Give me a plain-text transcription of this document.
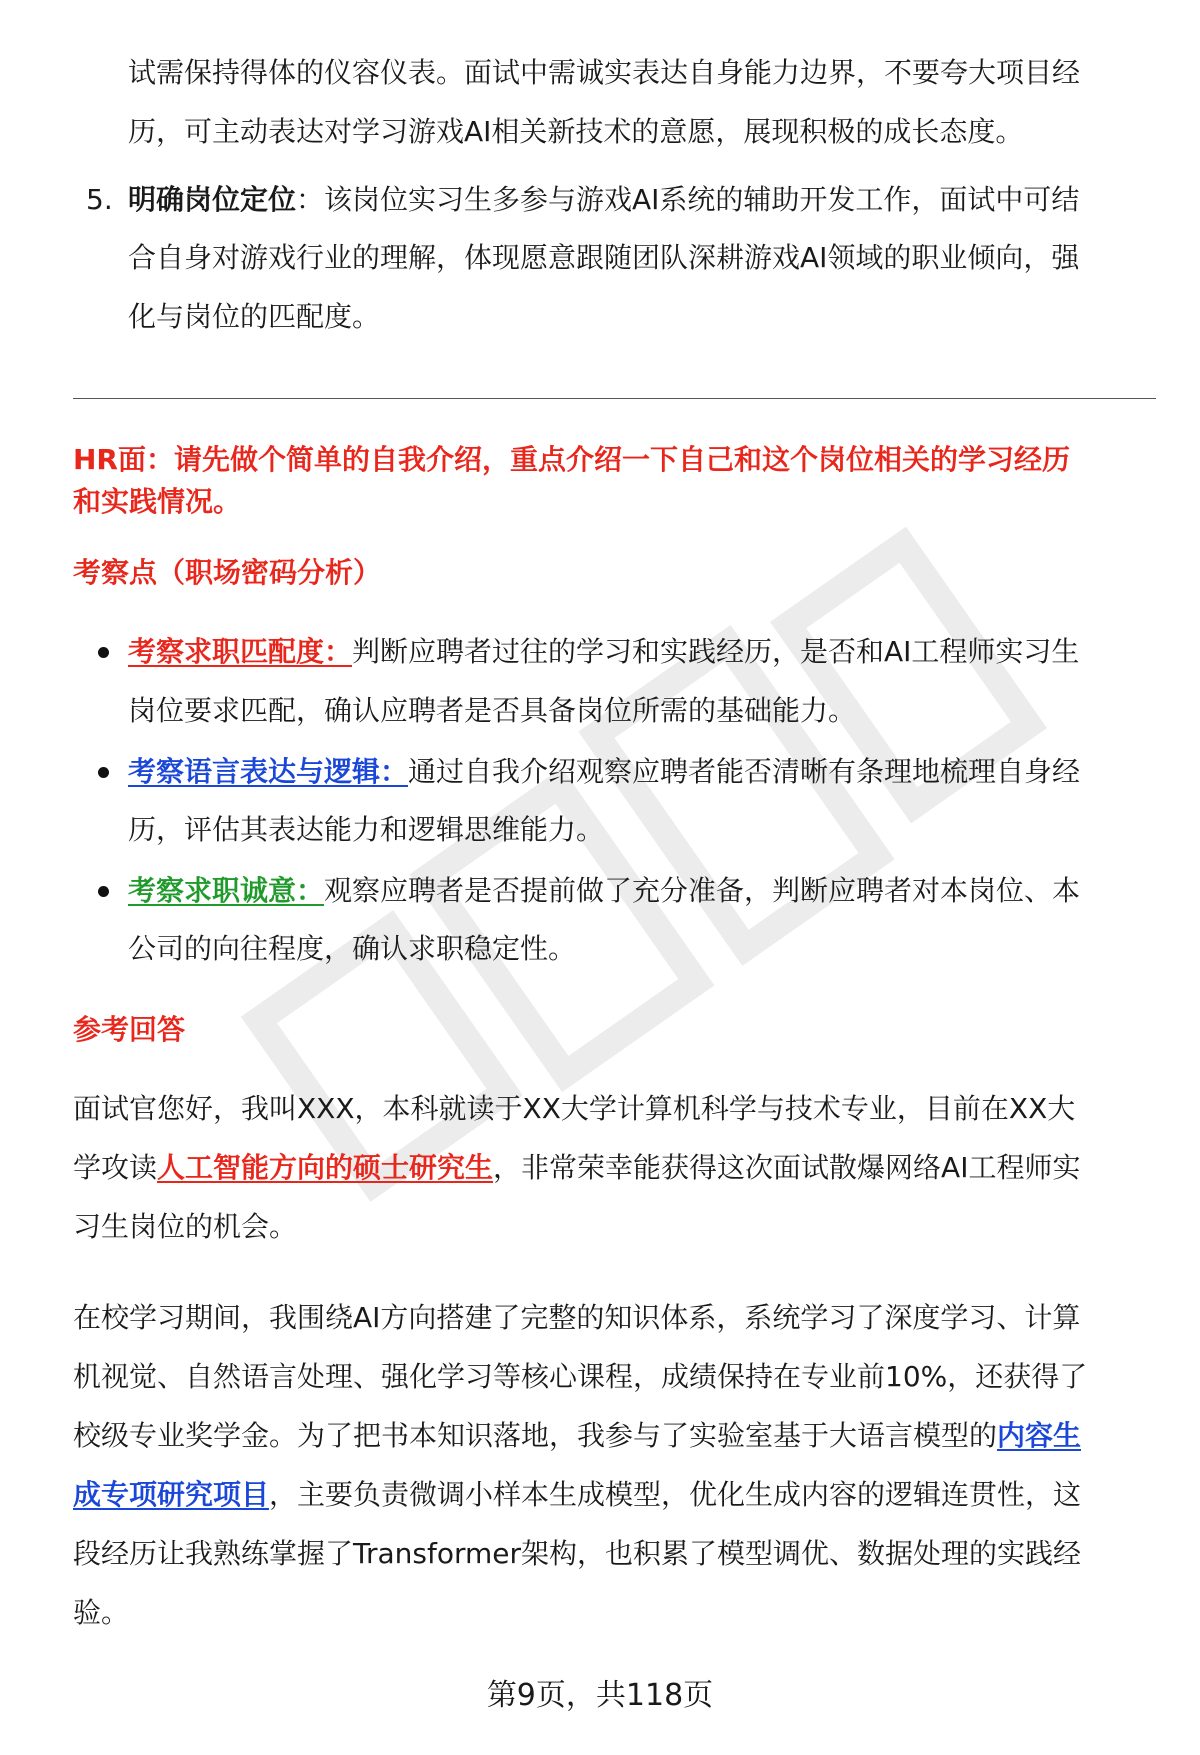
试需保持得体的仪容仪表。面试中需诚实表达自身能力边界，不要夸大项目经
历，可主动表达对学习游戏AI相关新技术的意愿，展现积极的成长态度。
5. 明确岗位定位：该岗位实习生多参与游戏AI系统的辅助开发工作，面试中可结
合自身对游戏行业的理解，体现愿意跟随团队深耕游戏AI领域的职业倾向，强
化与岗位的匹配度。
HR面：请先做个简单的自我介绍，重点介绍一下自己和这个岗位相关的学习经历
和实践情况。
考察点（职场密码分析）
考察求职匹配度：判断应聘者过往的学习和实践经历，是否和AI工程师实习生
岗位要求匹配，确认应聘者是否具备岗位所需的基础能力。
考察语言表达与逻辑：通过自我介绍观察应聘者能否清晰有条理地梳理自身经
历，评估其表达能力和逻辑思维能力。
考察求职诚意：观察应聘者是否提前做了充分准备，判断应聘者对本岗位、本
公司的向往程度，确认求职稳定性。
参考回答
面试官您好，我叫XXX，本科就读于XX大学计算机科学与技术专业，目前在XX大
学攻读人工智能方向的硕士研究生，非常荣幸能获得这次面试散爆网络AI工程师实
习生岗位的机会。
在校学习期间，我围绕AI方向搭建了完整的知识体系，系统学习了深度学习、计算
机视觉、自然语言处理、强化学习等核心课程，成绩保持在专业前10%，还获得了
校级专业奖学金。为了把书本知识落地，我参与了实验室基于大语言模型的内容生
成专项研究项目，主要负责微调小样本生成模型，优化生成内容的逻辑连贯性，这
段经历让我熟练掌握了Transformer架构，也积累了模型调优、数据处理的实践经
验。
第9页，共118页
